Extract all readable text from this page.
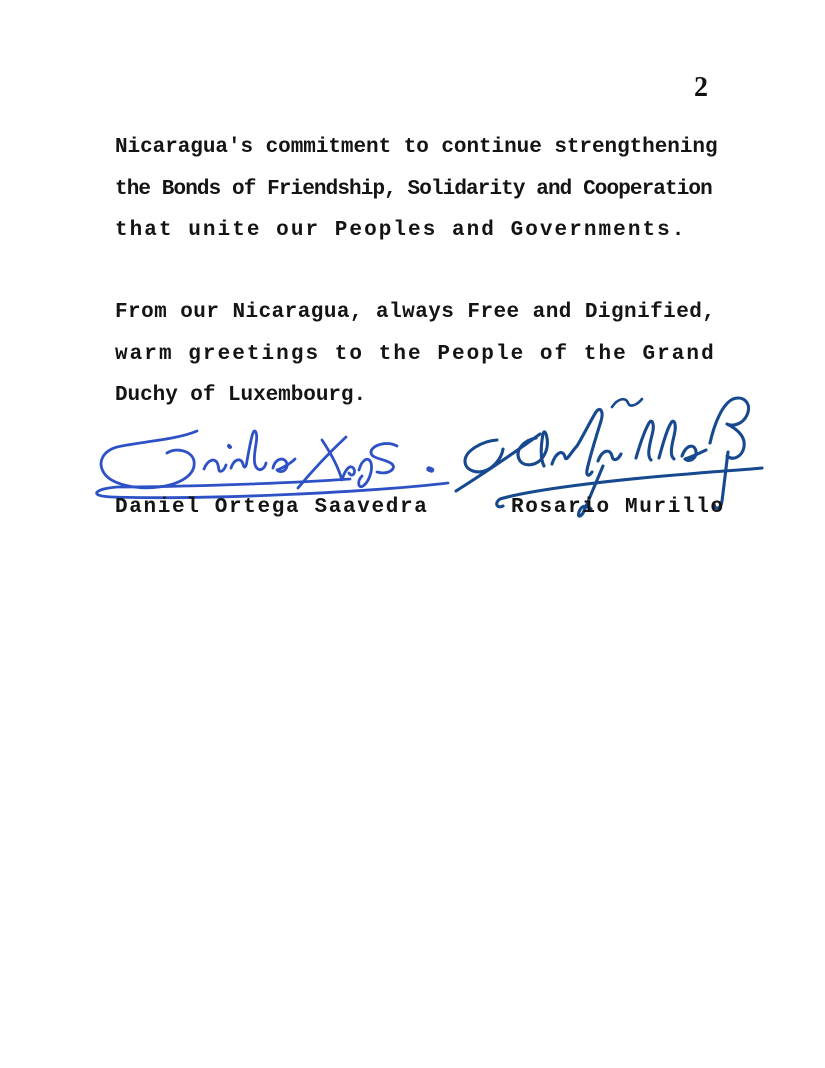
2
Nicaragua's commitment to continue strengthening
the Bonds of Friendship, Solidarity and Cooperation
that unite our Peoples and Governments.
From our Nicaragua, always Free and Dignified,
warm greetings to the People of the Grand
Duchy of Luxembourg.
Daniel Ortega Saavedra	Rosario Murillo
